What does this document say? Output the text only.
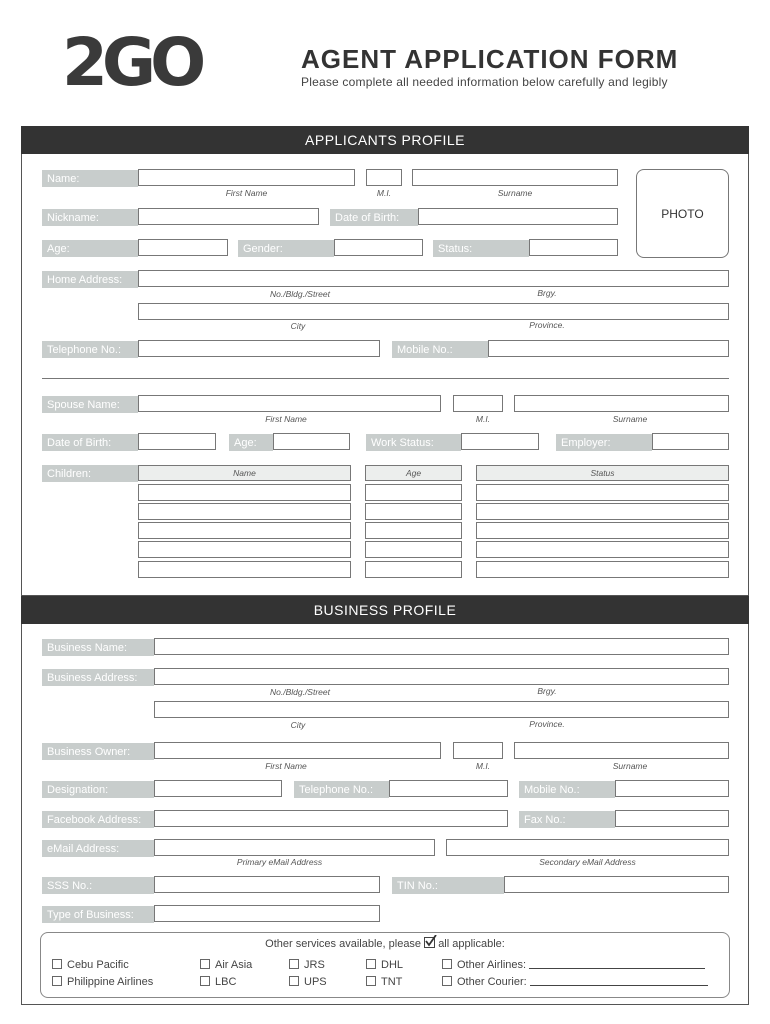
2GO	AGENT APPLICATION FORM
Please complete all needed information below carefully and legibly
APPLICANTS PROFILE
Name:
First Name	M.I.	Surname
PHOTO
Nickname:	Date of Birth:
Age:	Gender:	Status:
Home Address:
No./Bldg./Street	Brgy.
City	Province.
Telephone No.:	Mobile No.:
Spouse Name:
First Name	M.I.	Surname
Date of Birth:	Age:	Work Status:	Employer:
Children:	Name	Age	Status
BUSINESS PROFILE
Business Name:
Business Address:
No./Bldg./Street	Brgy.
City	Province.
Business Owner:
First Name	M.I.	Surname
Designation:	Telephone No.:	Mobile No.:
Facebook Address:	Fax No.:
eMail Address:
Primary eMail Address	Secondary eMail Address
SSS No.:	TIN No.:
Type of Business:
Other services available, please all applicable:
Cebu Pacific	Air Asia	JRS	DHL	Other Airlines:
Philippine Airlines	LBC	UPS	TNT	Other Courier:
